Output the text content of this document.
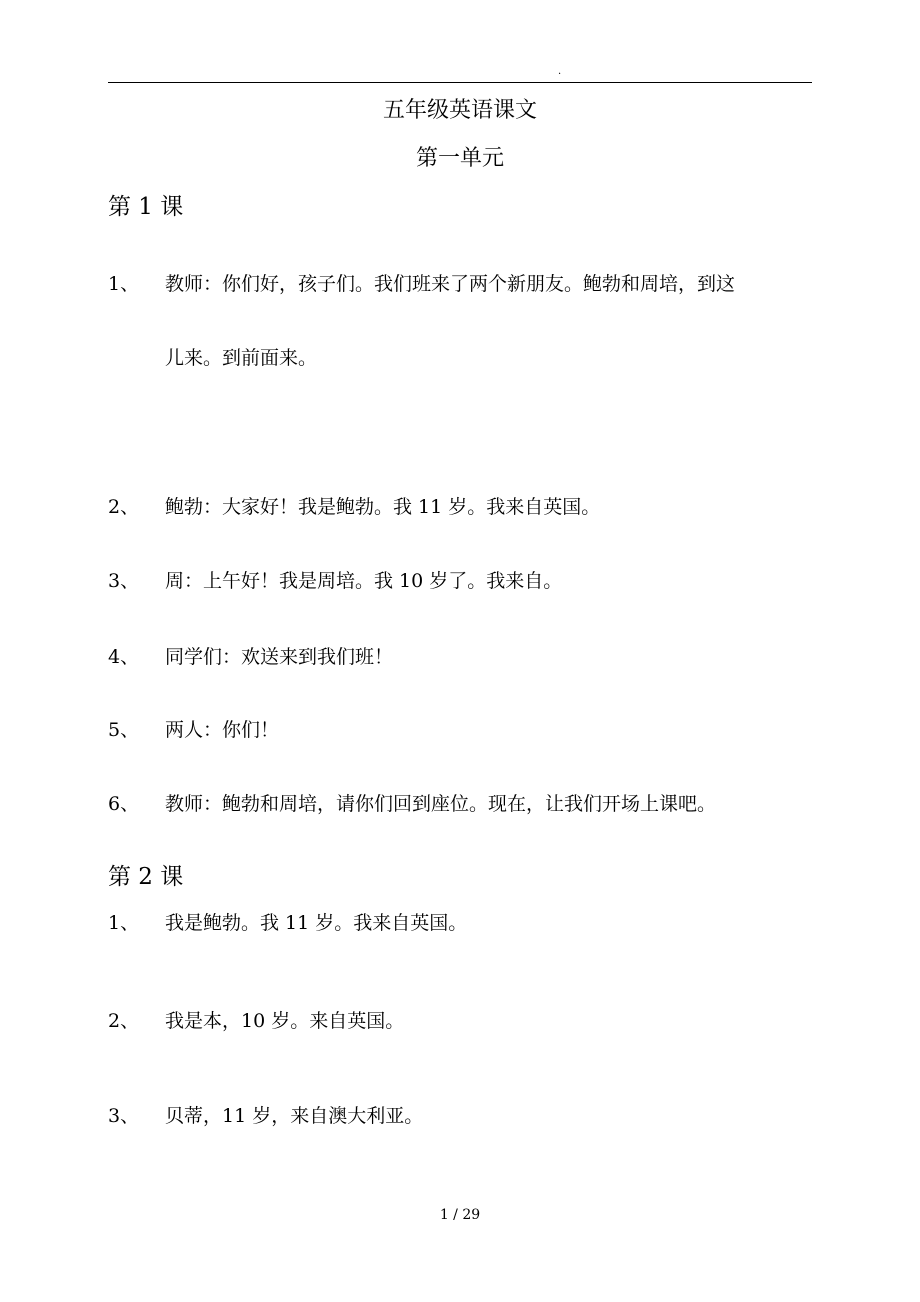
.
五年级英语课文
第一单元
第 1 课
1、 教师：你们好，孩子们。我们班来了两个新朋友。鲍勃和周培，到这
儿来。到前面来。
2、 鲍勃：大家好！我是鲍勃。我 11 岁。我来自英国。
3、 周：上午好！我是周培。我 10 岁了。我来自。
4、 同学们：欢送来到我们班！
5、 两人：你们！
6、 教师：鲍勃和周培，请你们回到座位。现在，让我们开场上课吧。
第 2 课
1、 我是鲍勃。我 11 岁。我来自英国。
2、 我是本，10 岁。来自英国。
3、 贝蒂，11 岁，来自澳大利亚。
1 / 29
